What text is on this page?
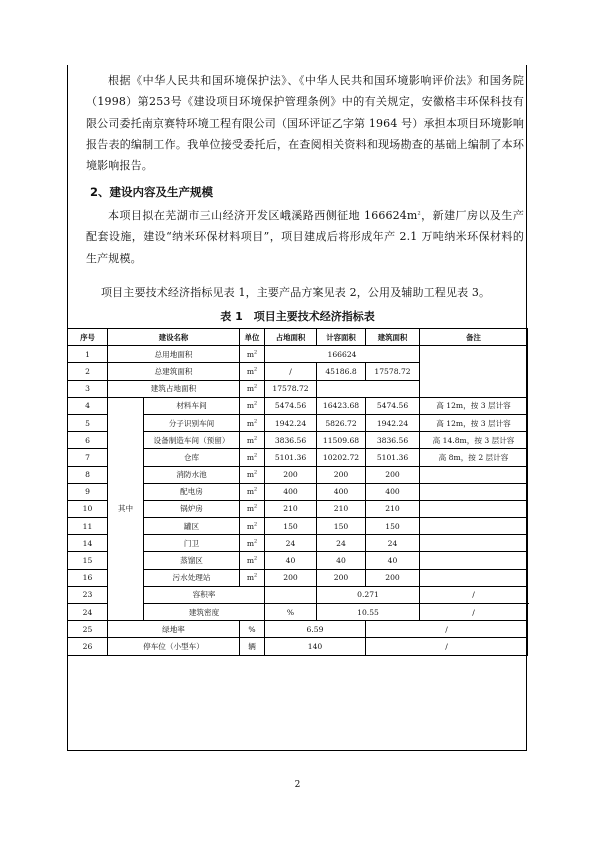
根据《中华人民共和国环境保护法》、《中华人民共和国环境影响评价法》和国务院（1998）第253号《建设项目环境保护管理条例》中的有关规定，安徽格丰环保科技有限公司委托南京赛特环境工程有限公司（国环评证乙字第 1964 号）承担本项目环境影响报告表的编制工作。我单位接受委托后，在查阅相关资料和现场勘查的基础上编制了本环境影响报告。

2、建设内容及生产规模

本项目拟在芜湖市三山经济开发区峨溪路西侧征地 $166624m^2$，新建厂房以及生产配套设施，建设“纳米环保材料项目”，项目建成后将形成年产 2.1 万吨纳米环保材料的生产规模。

项目主要技术经济指标见表 1，主要产品方案见表 2，公用及辅助工程见表 3。
表 1　项目主要技术经济指标表
序号	建设名称		单位	占地面积	计容面积	建筑面积	备注
1	总用地面积		$m^2$	166624			
2	总建筑面积		$m^2$	/	45186.8	17578.72	
3	建筑占地面积		$m^2$	17578.72			
4	其中	材料车间	$m^2$	5474.56	16423.68	5474.56	高 12m，按 3 层计容
5		分子识别车间	$m^2$	1942.24	5826.72	1942.24	高 12m，按 3 层计容
6		设备制造车间（预留）	$m^2$	3836.56	11509.68	3836.56	高 14.8m，按 3 层计容
7		仓库	$m^2$	5101.36	10202.72	5101.36	高 8m，按 2 层计容
8		消防水池	$m^2$	200	200	200	
9		配电房	$m^2$	400	400	400	
10		锅炉房	$m^2$	210	210	210	
11		罐区	$m^2$	150	150	150	
14		门卫	$m^2$	24	24	24	
15		蒸馏区	$m^2$	40	40	40	
16		污水处理站	$m^2$	200	200	200	
23		容积率			0.271		/
24		建筑密度		%	10.55		/
25	绿地率		%	6.59		/	
26	停车位（小型车）		辆	140		/	
2
